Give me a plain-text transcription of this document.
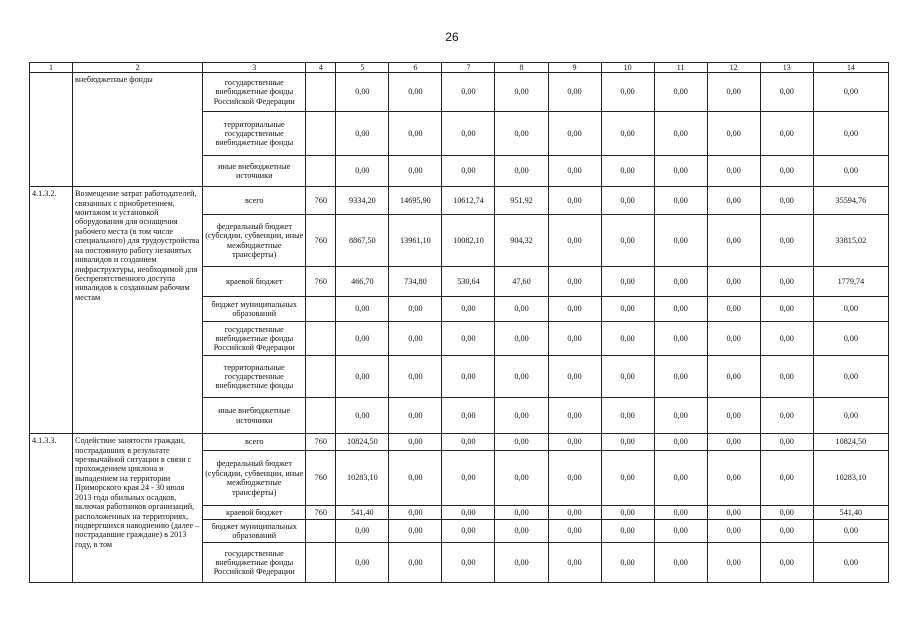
26
1	2	3	4	5	6	7	8	9	10	11	12	13	14
	внебюджетные фонды	государственные внебюджетные фонды Российской Федерации		0,00	0,00	0,00	0,00	0,00	0,00	0,00	0,00	0,00	0,00
		территориальные государственные внебюджетные фонды		0,00	0,00	0,00	0,00	0,00	0,00	0,00	0,00	0,00	0,00
		иные внебюджетные источники		0,00	0,00	0,00	0,00	0,00	0,00	0,00	0,00	0,00	0,00
4.1.3.2.	Возмещение затрат работодателей, связанных с приобретением, монтажом и установкой оборудования для оснащения рабочего места (в том числе специального) для трудоустройства на постоянную работу незанятых инвалидов и созданием инфраструктуры, необходимой для беспрепятственного доступа инвалидов к созданным рабочим местам	всего	760	9334,20	14695,90	10612,74	951,92	0,00	0,00	0,00	0,00	0,00	35594,76
		федеральный бюджет (субсидии, субвенции, иные межбюджетные трансферты)	760	8867,50	13961,10	10082,10	904,32	0,00	0,00	0,00	0,00	0,00	33815,02
		краевой бюджет	760	466,70	734,80	530,64	47,60	0,00	0,00	0,00	0,00	0,00	1779,74
		бюджет муниципальных образований		0,00	0,00	0,00	0,00	0,00	0,00	0,00	0,00	0,00	0,00
		государственные внебюджетные фонды Российской Федерации		0,00	0,00	0,00	0,00	0,00	0,00	0,00	0,00	0,00	0,00
		территориальные государственные внебюджетные фонды		0,00	0,00	0,00	0,00	0,00	0,00	0,00	0,00	0,00	0,00
		иные внебюджетные источники		0,00	0,00	0,00	0,00	0,00	0,00	0,00	0,00	0,00	0,00
4.1.3.3.	Содействие занятости граждан, пострадавших в результате чрезвычайной ситуации в связи с прохождением циклона и выпадением на территории Приморского края 24 - 30 июля 2013 года обильных осадков, включая работников организаций, расположенных на территориях, подвергшихся наводнению (далее – пострадавшие граждане) в 2013 году, в том	всего	760	10824,50	0,00	0,00	0,00	0,00	0,00	0,00	0,00	0,00	10824,50
		федеральный бюджет (субсидии, субвенции, иные межбюджетные трансферты)	760	10283,10	0,00	0,00	0,00	0,00	0,00	0,00	0,00	0,00	10283,10
		краевой бюджет	760	541,40	0,00	0,00	0,00	0,00	0,00	0,00	0,00	0,00	541,40
		бюджет муниципальных образований		0,00	0,00	0,00	0,00	0,00	0,00	0,00	0,00	0,00	0,00
		государственные внебюджетные фонды Российской Федерации		0,00	0,00	0,00	0,00	0,00	0,00	0,00	0,00	0,00	0,00
